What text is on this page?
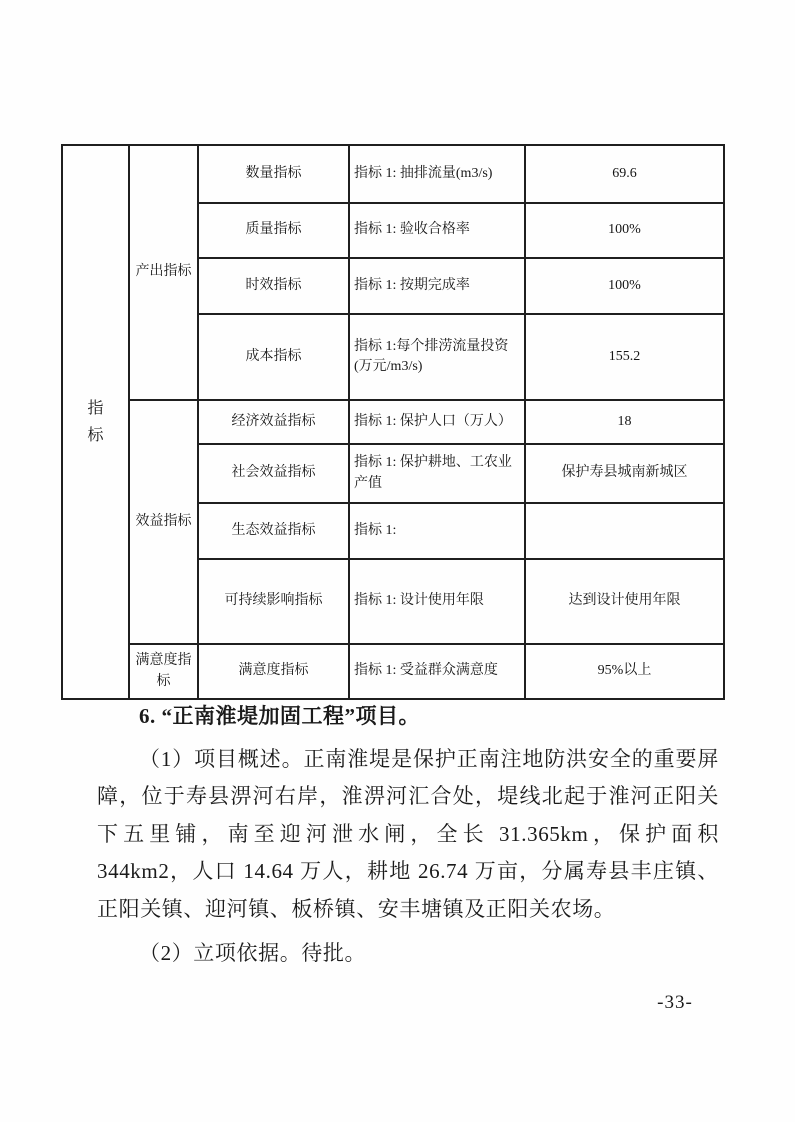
指标	产出指标	数量指标	指标 1: 抽排流量(m3/s)	69.6
		质量指标	指标 1: 验收合格率	100%
		时效指标	指标 1: 按期完成率	100%
		成本指标	指标 1:每个排涝流量投资(万元/m3/s)	155.2
	效益指标	经济效益指标	指标 1: 保护人口（万人）	18
		社会效益指标	指标 1: 保护耕地、工农业产值	保护寿县城南新城区
		生态效益指标	指标 1:	
		可持续影响指标	指标 1: 设计使用年限	达到设计使用年限
	满意度指标	满意度指标	指标 1: 受益群众满意度	95%以上
6. “正南淮堤加固工程”项目。

（1）项目概述。正南淮堤是保护正南注地防洪安全的重要屏障，位于寿县淠河右岸，淮淠河汇合处，堤线北起于淮河正阳关下五里铺，南至迎河泄水闸，全长 31.365km，保护面积 344km2，人口 14.64 万人，耕地 26.74 万亩，分属寿县丰庄镇、正阳关镇、迎河镇、板桥镇、安丰塘镇及正阳关农场。

（2）立项依据。待批。

-33-
